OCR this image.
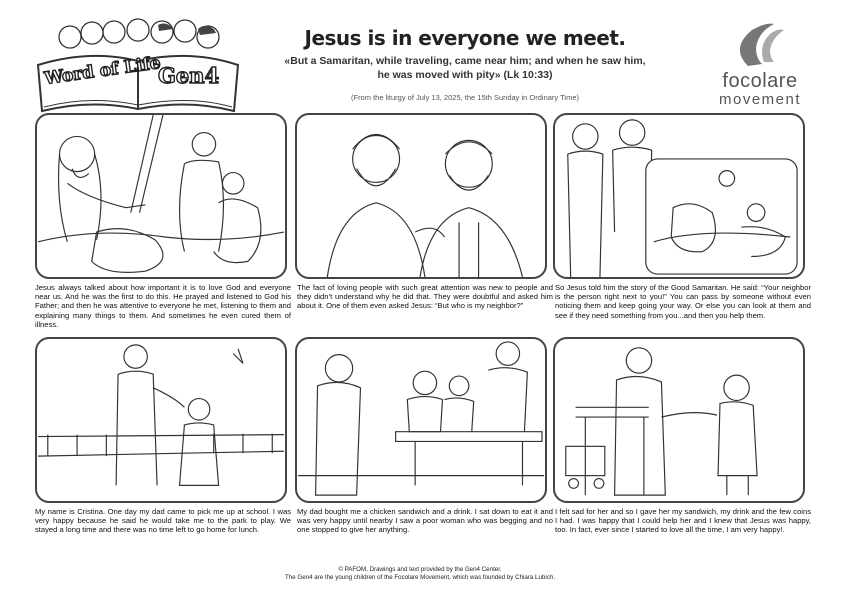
Word of Life
Gen4
Jesus is in everyone we meet.
«But a Samaritan, while traveling, came near him; and when he saw him,
he was moved with pity» (Lk 10:33)
(From the liturgy of July 13, 2025, the 15th Sunday in Ordinary Time)
focolare
movement
Jesus always talked about how important it is to love God and everyone near us. And he was the first to do this. He prayed and listened to God his Father; and then he was attentive to everyone he met, listening to them and explaining many things to them. And sometimes he even cured them of illness.
The fact of loving people with such great attention was new to people and they didn’t understand why he did that. They were doubtful and asked him about it. One of them even asked Jesus: “But who is my neighbor?”
So Jesus told him the story of the Good Samaritan. He said: “Your neighbor is the person right next to you!” You can pass by someone without even noticing them and keep going your way. Or else you can look at them and see if they need something from you...and then you help them.
My name is Cristina. One day my dad came to pick me up at school. I was very happy because he said he would take me to the park to play. We stayed a long time and there was no time left to go home for lunch.
My dad bought me a chicken sandwich and a drink. I sat down to eat it and was very happy until nearby I saw a poor woman who was begging and no one stopped to give her anything.
I felt sad for her and so I gave her my sandwich, my drink and the few coins I had. I was happy that I could help her and I knew that Jesus was happy, too. In fact, ever since I started to love all the time, I am very happy!.
© PAFOM, Drawings and text provided by the Gen4 Center.
The Gen4 are the young children of the Focolare Movement, which was founded by Chiara Lubich.
